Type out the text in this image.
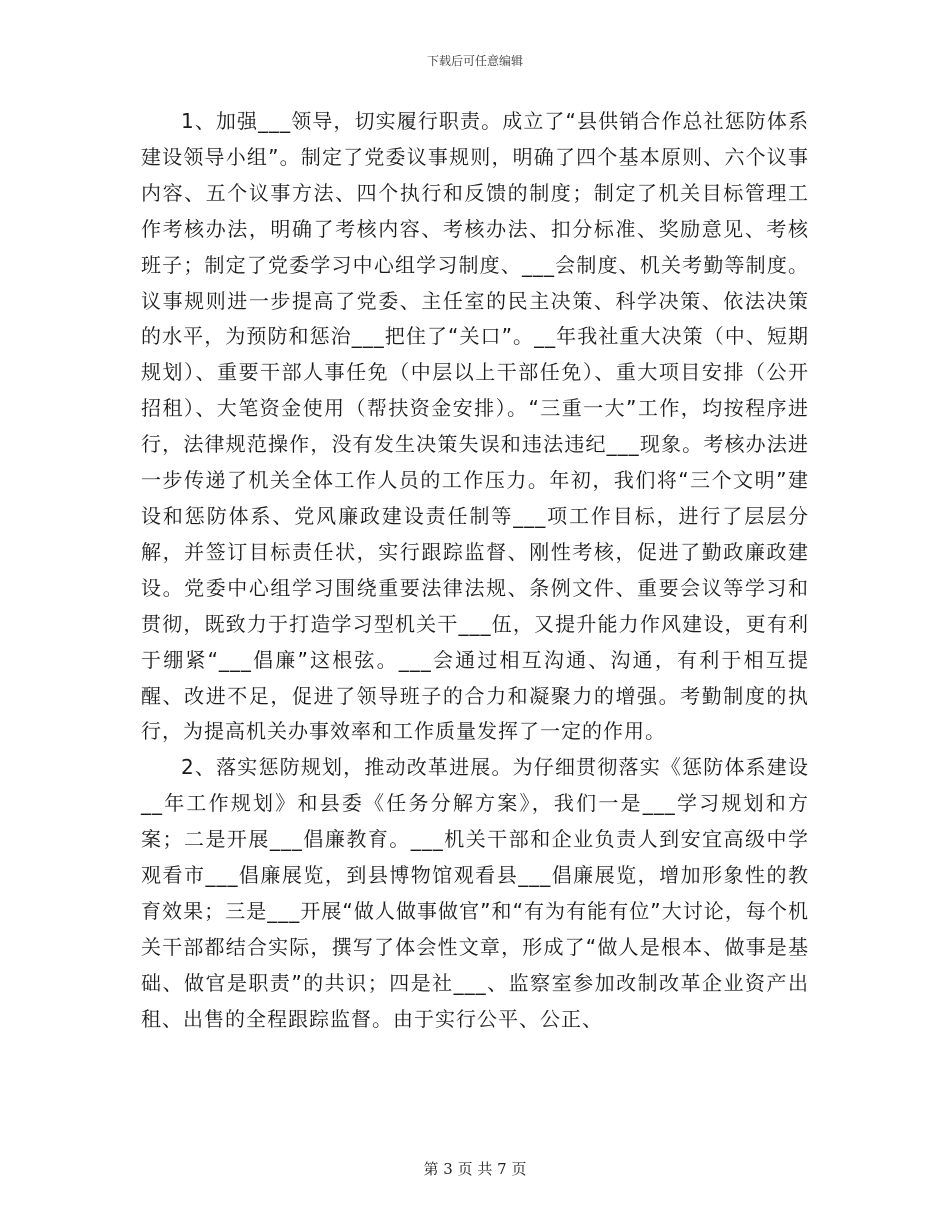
下载后可任意编辑

1、加强___领导，切实履行职责。成立了“县供销合作总社惩防体系建设领导小组”。制定了党委议事规则，明确了四个基本原则、六个议事内容、五个议事方法、四个执行和反馈的制度；制定了机关目标管理工作考核办法，明确了考核内容、考核办法、扣分标准、奖励意见、考核班子；制定了党委学习中心组学习制度、___会制度、机关考勤等制度。议事规则进一步提高了党委、主任室的民主决策、科学决策、依法决策的水平，为预防和惩治___把住了“关口”。__年我社重大决策（中、短期规划）、重要干部人事任免（中层以上干部任免）、重大项目安排（公开招租）、大笔资金使用（帮扶资金安排）。“三重一大”工作，均按程序进行，法律规范操作，没有发生决策失误和违法违纪___现象。考核办法进一步传递了机关全体工作人员的工作压力。年初，我们将“三个文明”建设和惩防体系、党风廉政建设责任制等___项工作目标，进行了层层分解，并签订目标责任状，实行跟踪监督、刚性考核，促进了勤政廉政建设。党委中心组学习围绕重要法律法规、条例文件、重要会议等学习和贯彻，既致力于打造学习型机关干___伍，又提升能力作风建设，更有利于绷紧“___倡廉”这根弦。___会通过相互沟通、沟通，有利于相互提醒、改进不足，促进了领导班子的合力和凝聚力的增强。考勤制度的执行，为提高机关办事效率和工作质量发挥了一定的作用。

2、落实惩防规划，推动改革进展。为仔细贯彻落实《惩防体系建设__年工作规划》和县委《任务分解方案》，我们一是___学习规划和方案；二是开展___倡廉教育。___机关干部和企业负责人到安宜高级中学观看市___倡廉展览，到县博物馆观看县___倡廉展览，增加形象性的教育效果；三是___开展“做人做事做官”和“有为有能有位”大讨论，每个机关干部都结合实际，撰写了体会性文章，形成了“做人是根本、做事是基础、做官是职责”的共识；四是社___、监察室参加改制改革企业资产出租、出售的全程跟踪监督。由于实行公平、公正、

第 3 页 共 7 页
